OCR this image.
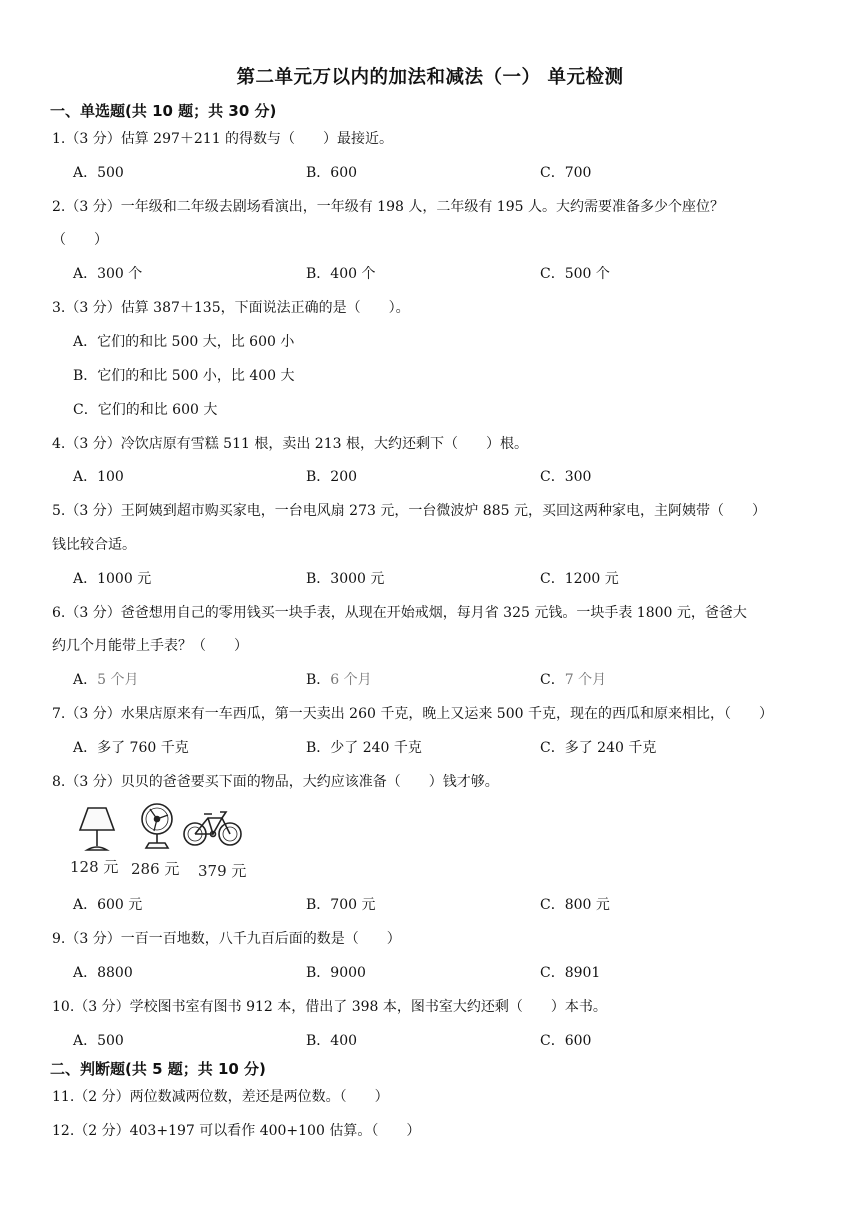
第二单元万以内的加法和减法（一） 单元检测
一、单选题(共 10 题；共 30 分)
1.（3 分）估算 297＋211 的得数与（　　）最接近。
A．500	B．600	C．700
2.（3 分）一年级和二年级去剧场看演出，一年级有 198 人，二年级有 195 人。大约需要准备多少个座位？
（　　）
A．300 个	B．400 个	C．500 个
3.（3 分）估算 387＋135，下面说法正确的是（　　）。
A．它们的和比 500 大，比 600 小
B．它们的和比 500 小，比 400 大
C．它们的和比 600 大
4.（3 分）冷饮店原有雪糕 511 根，卖出 213 根，大约还剩下（　　）根。
A．100	B．200	C．300
5.（3 分）王阿姨到超市购买家电，一台电风扇 273 元，一台微波炉 885 元，买回这两种家电，主阿姨带（　　）
钱比较合适。
A．1000 元	B．3000 元	C．1200 元
6.（3 分）爸爸想用自己的零用钱买一块手表，从现在开始戒烟，每月省 325 元钱。一块手表 1800 元，爸爸大
约几个月能带上手表？（　　）
A．5 个月	B．6 个月	C．7 个月
7.（3 分）水果店原来有一车西瓜，第一天卖出 260 千克，晚上又运来 500 千克，现在的西瓜和原来相比，（　　）
A．多了 760 千克	B．少了 240 千克	C．多了 240 千克
8.（3 分）贝贝的爸爸要买下面的物品，大约应该准备（　　）钱才够。
128 元 286 元 379 元
A．600 元	B．700 元	C．800 元
9.（3 分）一百一百地数，八千九百后面的数是（　　）
A．8800	B．9000	C．8901
10.（3 分）学校图书室有图书 912 本，借出了 398 本，图书室大约还剩（　　）本书。
A．500	B．400	C．600
二、判断题(共 5 题；共 10 分)
11.（2 分）两位数减两位数，差还是两位数。（　　）
12.（2 分）403+197 可以看作 400+100 估算。（　　）
